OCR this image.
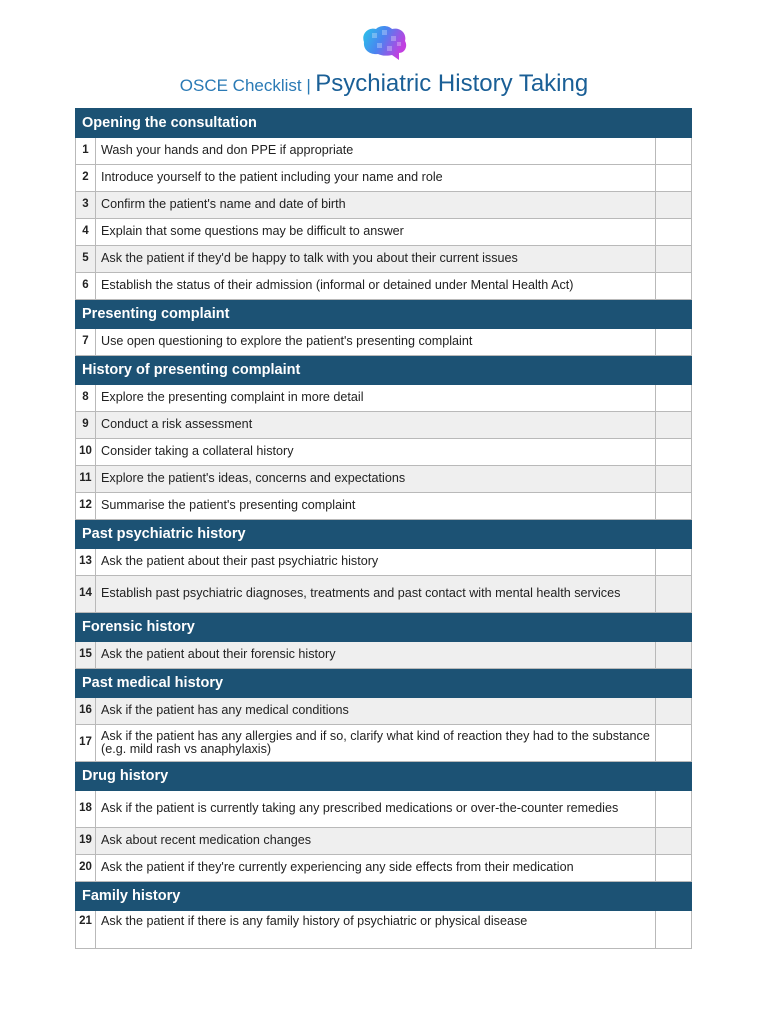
OSCE Checklist | Psychiatric History Taking
Opening the consultation		
1	Wash your hands and don PPE if appropriate	
2	Introduce yourself to the patient including your name and role	
3	Confirm the patient's name and date of birth	
4	Explain that some questions may be difficult to answer	
5	Ask the patient if they'd be happy to talk with you about their current issues	
6	Establish the status of their admission (informal or detained under Mental Health Act)	
Presenting complaint		
7	Use open questioning to explore the patient's presenting complaint	
History of presenting complaint		
8	Explore the presenting complaint in more detail	
9	Conduct a risk assessment	
10	Consider taking a collateral history	
11	Explore the patient's ideas, concerns and expectations	
12	Summarise the patient's presenting complaint	
Past psychiatric history		
13	Ask the patient about their past psychiatric history	
14	Establish past psychiatric diagnoses, treatments and past contact with mental health services	
Forensic history		
15	Ask the patient about their forensic history	
Past medical history		
16	Ask if the patient has any medical conditions	
17	Ask if the patient has any allergies and if so, clarify what kind of reaction they had to the substance (e.g. mild rash vs anaphylaxis)	
Drug history		
18	Ask if the patient is currently taking any prescribed medications or over-the-counter remedies	
19	Ask about recent medication changes	
20	Ask the patient if they're currently experiencing any side effects from their medication	
Family history		
21	Ask the patient if there is any family history of psychiatric or physical disease	
